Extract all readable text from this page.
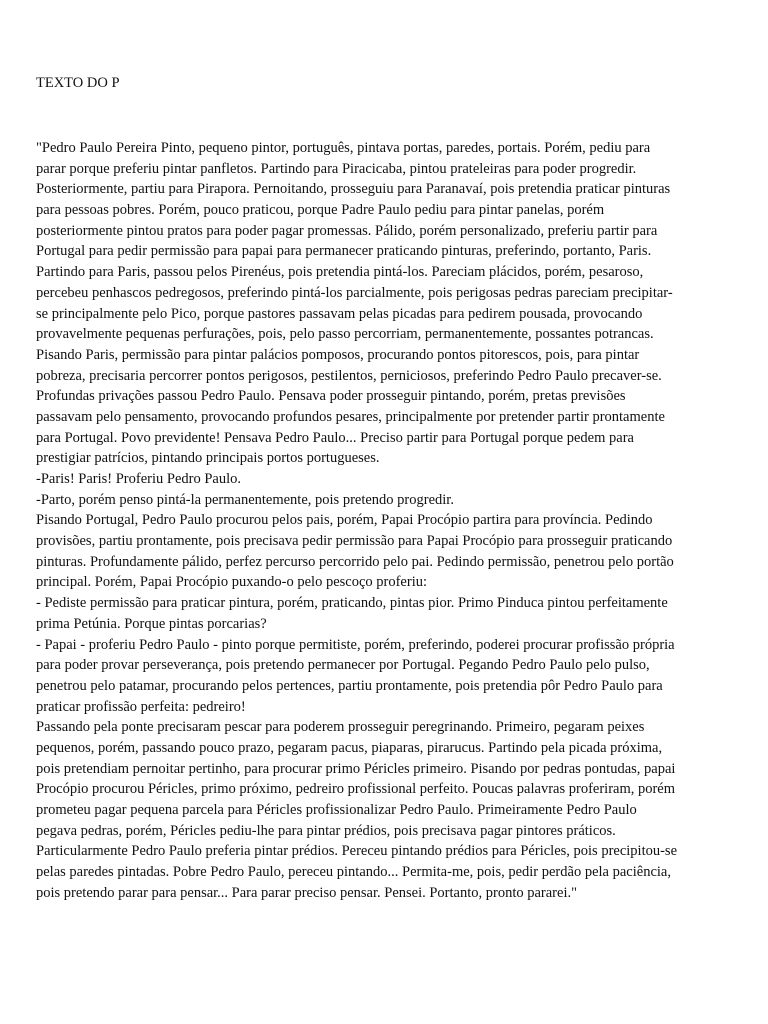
TEXTO DO P
"Pedro Paulo Pereira Pinto, pequeno pintor, português, pintava portas, paredes, portais. Porém, pediu para
parar porque preferiu pintar panfletos. Partindo para Piracicaba, pintou prateleiras para poder progredir.
Posteriormente, partiu para Pirapora. Pernoitando, prosseguiu para Paranavaí, pois pretendia praticar pinturas
para pessoas pobres. Porém, pouco praticou, porque Padre Paulo pediu para pintar panelas, porém
posteriormente pintou pratos para poder pagar promessas. Pálido, porém personalizado, preferiu partir para
Portugal para pedir permissão para papai para permanecer praticando pinturas, preferindo, portanto, Paris.
Partindo para Paris, passou pelos Pirenéus, pois pretendia pintá-los. Pareciam plácidos, porém, pesaroso,
percebeu penhascos pedregosos, preferindo pintá-los parcialmente, pois perigosas pedras pareciam precipitar-
se principalmente pelo Pico, porque pastores passavam pelas picadas para pedirem pousada, provocando
provavelmente pequenas perfurações, pois, pelo passo percorriam, permanentemente, possantes potrancas.
Pisando Paris, permissão para pintar palácios pomposos, procurando pontos pitorescos, pois, para pintar
pobreza, precisaria percorrer pontos perigosos, pestilentos, perniciosos, preferindo Pedro Paulo precaver-se.
Profundas privações passou Pedro Paulo. Pensava poder prosseguir pintando, porém, pretas previsões
passavam pelo pensamento, provocando profundos pesares, principalmente por pretender partir prontamente
para Portugal. Povo previdente! Pensava Pedro Paulo... Preciso partir para Portugal porque pedem para
prestigiar patrícios, pintando principais portos portugueses.
-Paris! Paris! Proferiu Pedro Paulo.
-Parto, porém penso pintá-la permanentemente, pois pretendo progredir.
Pisando Portugal, Pedro Paulo procurou pelos pais, porém, Papai Procópio partira para província. Pedindo
provisões, partiu prontamente, pois precisava pedir permissão para Papai Procópio para prosseguir praticando
pinturas. Profundamente pálido, perfez percurso percorrido pelo pai. Pedindo permissão, penetrou pelo portão
principal. Porém, Papai Procópio puxando-o pelo pescoço proferiu:
- Pediste permissão para praticar pintura, porém, praticando, pintas pior. Primo Pinduca pintou perfeitamente
prima Petúnia. Porque pintas porcarias?
- Papai - proferiu Pedro Paulo - pinto porque permitiste, porém, preferindo, poderei procurar profissão própria
para poder provar perseverança, pois pretendo permanecer por Portugal. Pegando Pedro Paulo pelo pulso,
penetrou pelo patamar, procurando pelos pertences, partiu prontamente, pois pretendia pôr Pedro Paulo para
praticar profissão perfeita: pedreiro!
Passando pela ponte precisaram pescar para poderem prosseguir peregrinando. Primeiro, pegaram peixes
pequenos, porém, passando pouco prazo, pegaram pacus, piaparas, pirarucus. Partindo pela picada próxima,
pois pretendiam pernoitar pertinho, para procurar primo Péricles primeiro. Pisando por pedras pontudas, papai
Procópio procurou Péricles, primo próximo, pedreiro profissional perfeito. Poucas palavras proferiram, porém
prometeu pagar pequena parcela para Péricles profissionalizar Pedro Paulo. Primeiramente Pedro Paulo
pegava pedras, porém, Péricles pediu-lhe para pintar prédios, pois precisava pagar pintores práticos.
Particularmente Pedro Paulo preferia pintar prédios. Pereceu pintando prédios para Péricles, pois precipitou-se
pelas paredes pintadas. Pobre Pedro Paulo, pereceu pintando... Permita-me, pois, pedir perdão pela paciência,
pois pretendo parar para pensar... Para parar preciso pensar. Pensei. Portanto, pronto pararei."
